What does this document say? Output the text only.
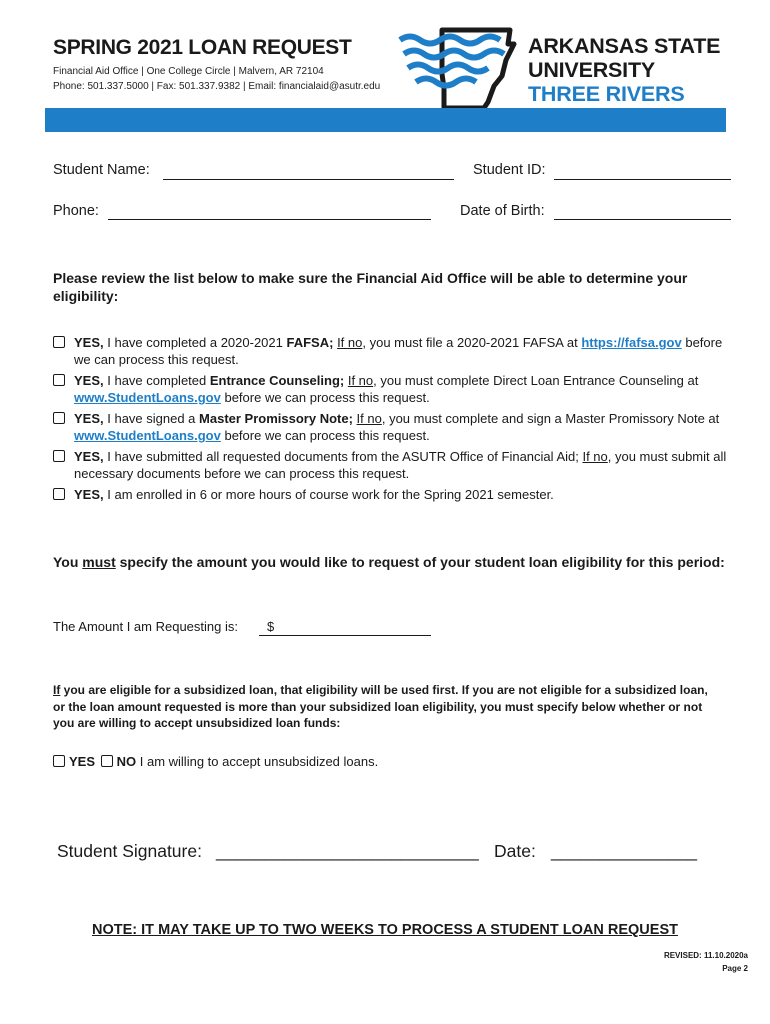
SPRING 2021 LOAN REQUEST
Financial Aid Office | One College Circle | Malvern, AR 72104
Phone: 501.337.5000 | Fax: 501.337.9382 | Email: financialaid@asutr.edu
ARKANSAS STATE
UNIVERSITY
THREE RIVERS
Student Name:	Student ID:
Phone:	Date of Birth:
Please review the list below to make sure the Financial Aid Office will be able to determine your eligibility:
YES, I have completed a 2020-2021 FAFSA; If no, you must file a 2020-2021 FAFSA at https://fafsa.gov before we can process this request.
YES, I have completed Entrance Counseling; If no, you must complete Direct Loan Entrance Counseling at www.StudentLoans.gov before we can process this request.
YES, I have signed a Master Promissory Note; If no, you must complete and sign a Master Promissory Note at www.StudentLoans.gov before we can process this request.
YES, I have submitted all requested documents from the ASUTR Office of Financial Aid; If no, you must submit all necessary documents before we can process this request.
YES, I am enrolled in 6 or more hours of course work for the Spring 2021 semester.
You must specify the amount you would like to request of your student loan eligibility for this period:
The Amount I am Requesting is:	$
If you are eligible for a subsidized loan, that eligibility will be used first. If you are not eligible for a subsidized loan, or the loan amount requested is more than your subsidized loan eligibility, you must specify below whether or not you are willing to accept unsubsidized loan funds:
YES NO I am willing to accept unsubsidized loans.
Student Signature: ___________________________ Date: _______________
NOTE: IT MAY TAKE UP TO TWO WEEKS TO PROCESS A STUDENT LOAN REQUEST
REVISED: 11.10.2020a
Page 2
